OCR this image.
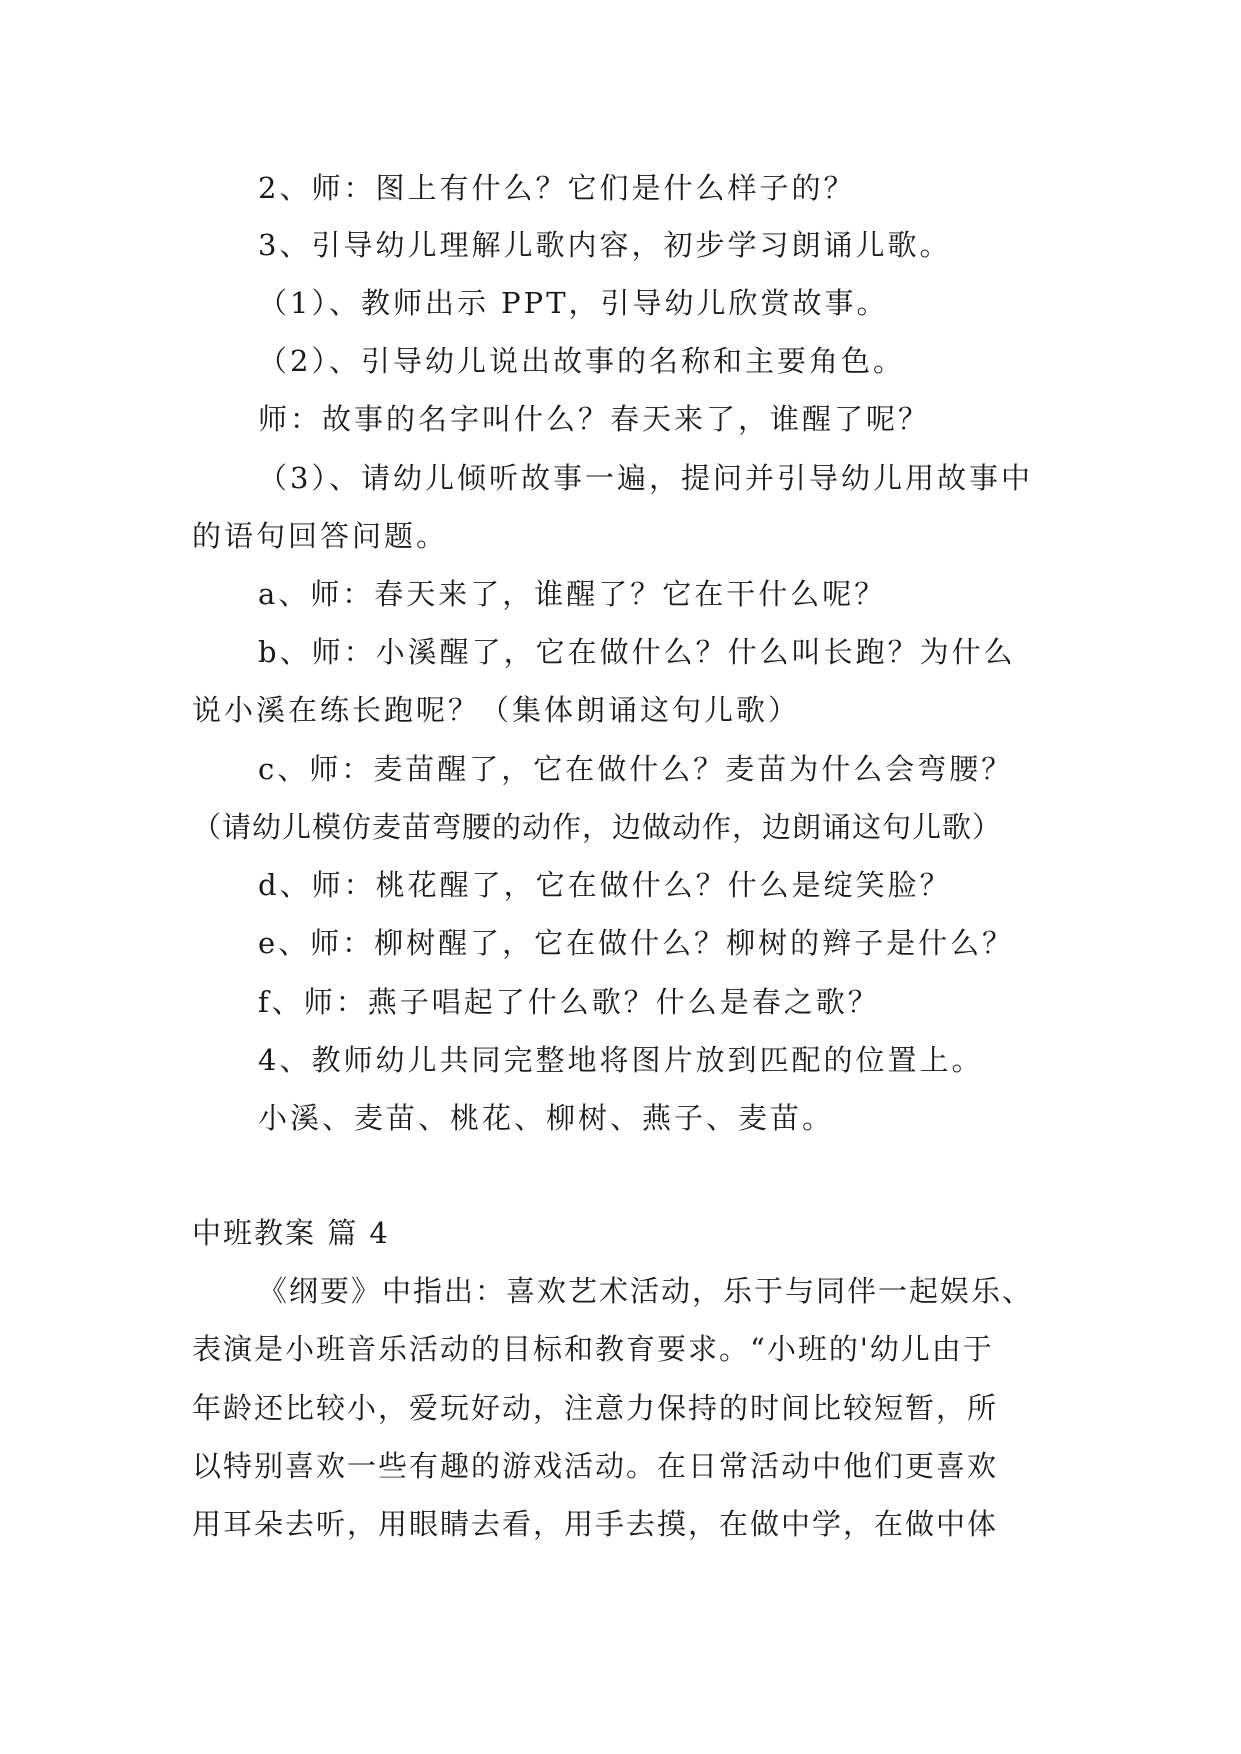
2、师：图上有什么？它们是什么样子的？
3、引导幼儿理解儿歌内容，初步学习朗诵儿歌。
（1）、教师出示 PPT，引导幼儿欣赏故事。
（2）、引导幼儿说出故事的名称和主要角色。
师：故事的名字叫什么？春天来了，谁醒了呢？
（3）、请幼儿倾听故事一遍，提问并引导幼儿用故事中
的语句回答问题。
a、师：春天来了，谁醒了？它在干什么呢？
b、师：小溪醒了，它在做什么？什么叫长跑？为什么
说小溪在练长跑呢？（集体朗诵这句儿歌）
c、师：麦苗醒了，它在做什么？麦苗为什么会弯腰？
（请幼儿模仿麦苗弯腰的动作，边做动作，边朗诵这句儿歌）
d、师：桃花醒了，它在做什么？什么是绽笑脸？
e、师：柳树醒了，它在做什么？柳树的辫子是什么？
f、师：燕子唱起了什么歌？什么是春之歌？
4、教师幼儿共同完整地将图片放到匹配的位置上。
小溪、麦苗、桃花、柳树、燕子、麦苗。
中班教案 篇 4
《纲要》中指出：喜欢艺术活动，乐于与同伴一起娱乐、
表演是小班音乐活动的目标和教育要求。“小班的'幼儿由于
年龄还比较小，爱玩好动，注意力保持的时间比较短暂，所
以特别喜欢一些有趣的游戏活动。在日常活动中他们更喜欢
用耳朵去听，用眼睛去看，用手去摸，在做中学，在做中体
